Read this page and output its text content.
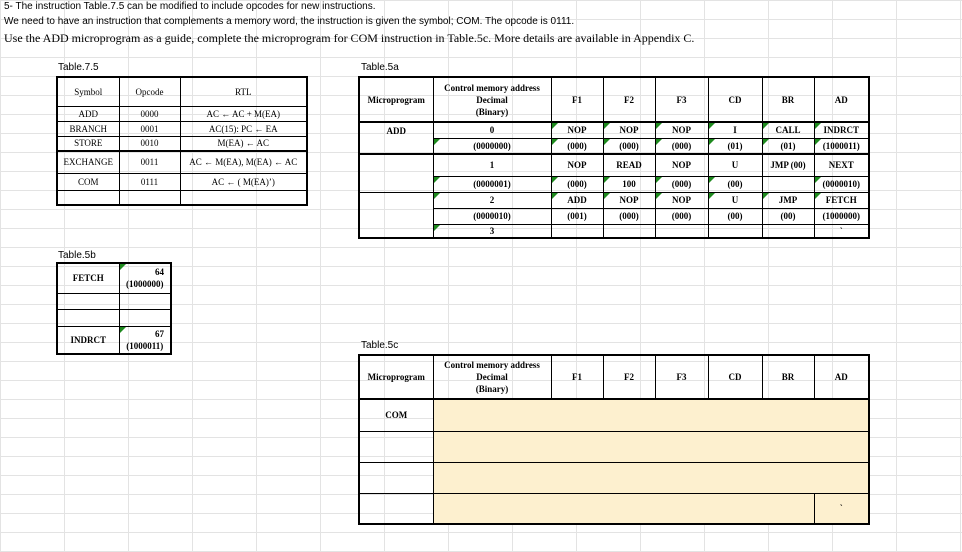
5- The instruction Table.7.5 can be modified to include opcodes for new instructions.
We need to have an instruction that complements a memory word, the instruction is given the symbol; COM. The opcode is 0111.
Use the ADD microprogram as a guide, complete the microprogram for COM instruction in Table.5c. More details are available in Appendix C.
Table.7.5
Symbol	Opcode	RTL
ADD	0000	AC ← AC + M(EA)
BRANCH	0001	AC(15): PC ← EA
STORE	0010	M(EA) ← AC
EXCHANGE	0011	AC ← M(EA), M(EA) ← AC
COM	0111	AC ← ( M(EA)’)

Table.5a
Microprogram	Control memory address
Decimal
(Binary)	F1	F2	F3	CD	BR	AD
ADD	0	NOP	NOP	NOP	I	CALL	INDRCT
	(0000000)	(000)	(000)	(000)	(01)	(01)	(1000011)
	1	NOP	READ	NOP	U	JMP (00)	NEXT
	(0000001)	(000)	100	(000)	(00)		(0000010)
	2	ADD	NOP	NOP	U	JMP	FETCH
	(0000010)	(001)	(000)	(000)	(00)	(00)	(1000000)
	3						`
Table.5b
FETCH	64
(1000000)

INDRCT	67
(1000011)	Table.5c
Microprogram	Control memory address
Decimal
(Binary)	F1	F2	F3	CD	BR	AD
COM							

							`
